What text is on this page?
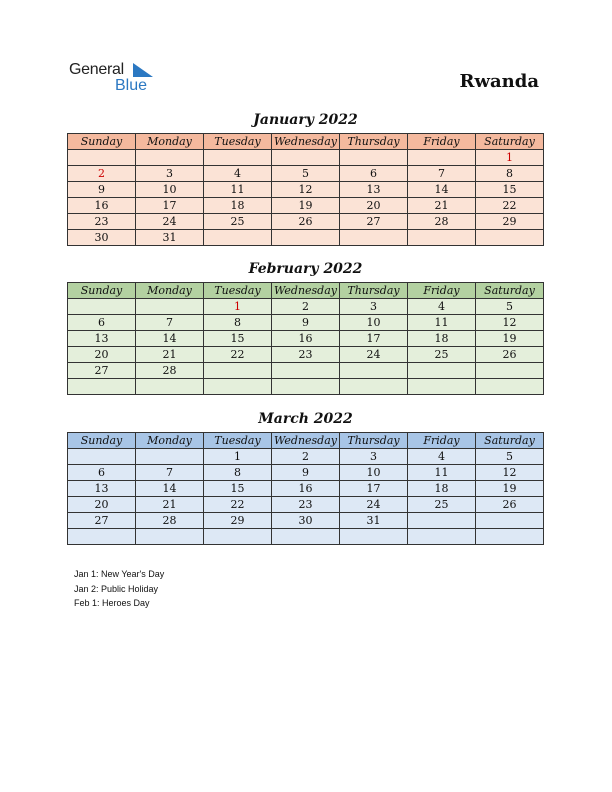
General
Blue	Rwanda
January 2022
Sunday	Monday	Tuesday	Wednesday	Thursday	Friday	Saturday
						1
2	3	4	5	6	7	8
9	10	11	12	13	14	15
16	17	18	19	20	21	22
23	24	25	26	27	28	29
30	31					
February 2022
Sunday	Monday	Tuesday	Wednesday	Thursday	Friday	Saturday
		1	2	3	4	5
6	7	8	9	10	11	12
13	14	15	16	17	18	19
20	21	22	23	24	25	26
27	28					

March 2022
Sunday	Monday	Tuesday	Wednesday	Thursday	Friday	Saturday
		1	2	3	4	5
6	7	8	9	10	11	12
13	14	15	16	17	18	19
20	21	22	23	24	25	26
27	28	29	30	31		

Jan 1: New Year's Day
Jan 2: Public Holiday
Feb 1: Heroes Day
